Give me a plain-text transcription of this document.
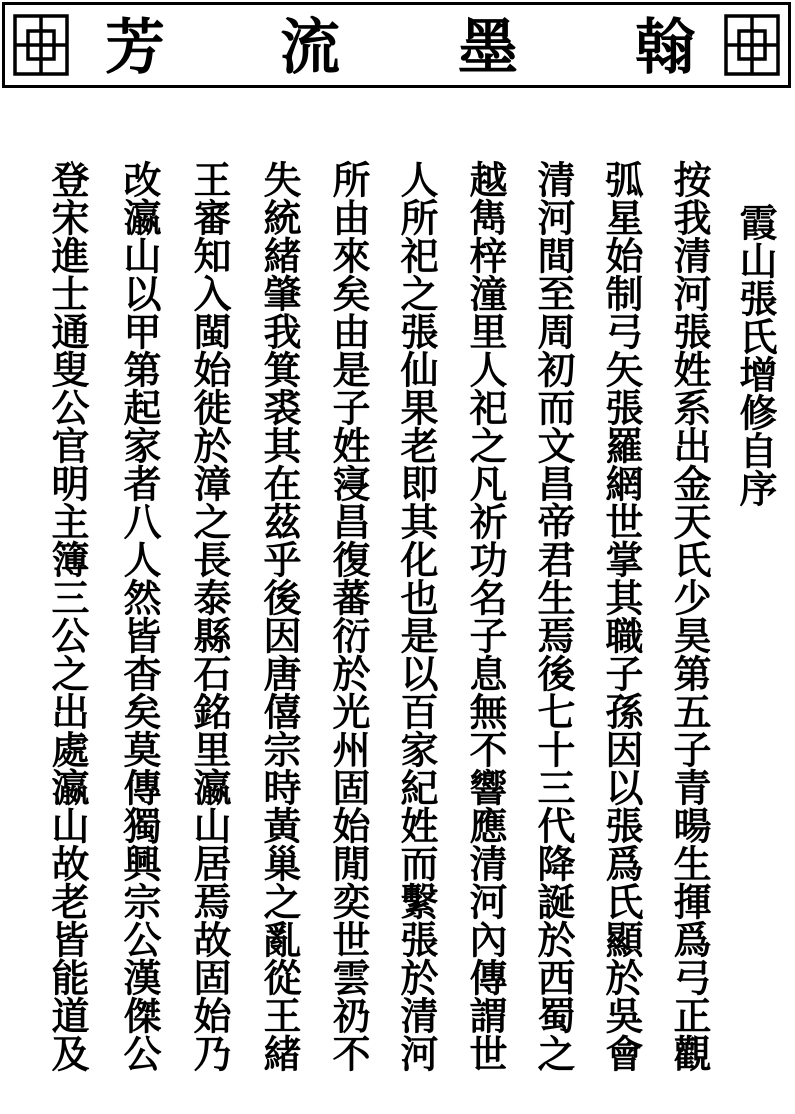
芳 流 墨 翰
霞山張氏增修自序
按我清河張姓系出金天氏少昊第五子青暘生揮爲弓正觀
弧星始制弓矢張羅網世掌其職子孫因以張爲氏顯於吳會
清河間至周初而文昌帝君生焉後七十三代降誕於西蜀之
越雋梓潼里人祀之凡祈功名子息無不響應清河內傳謂世
人所祀之張仙果老即其化也是以百家紀姓而繫張於清河
所由來矣由是子姓寖昌復蕃衍於光州固始閒奕世雲礽不
失統緒肇我箕裘其在茲乎後因唐僖宗時黃巢之亂從王緒
王審知入閩始徙於漳之長泰縣石銘里瀛山居焉故固始乃
改瀛山以甲第起家者八人然皆杳矣莫傳獨興宗公漢傑公
登宋進士通叟公官明主簿三公之出處瀛山故老皆能道及
